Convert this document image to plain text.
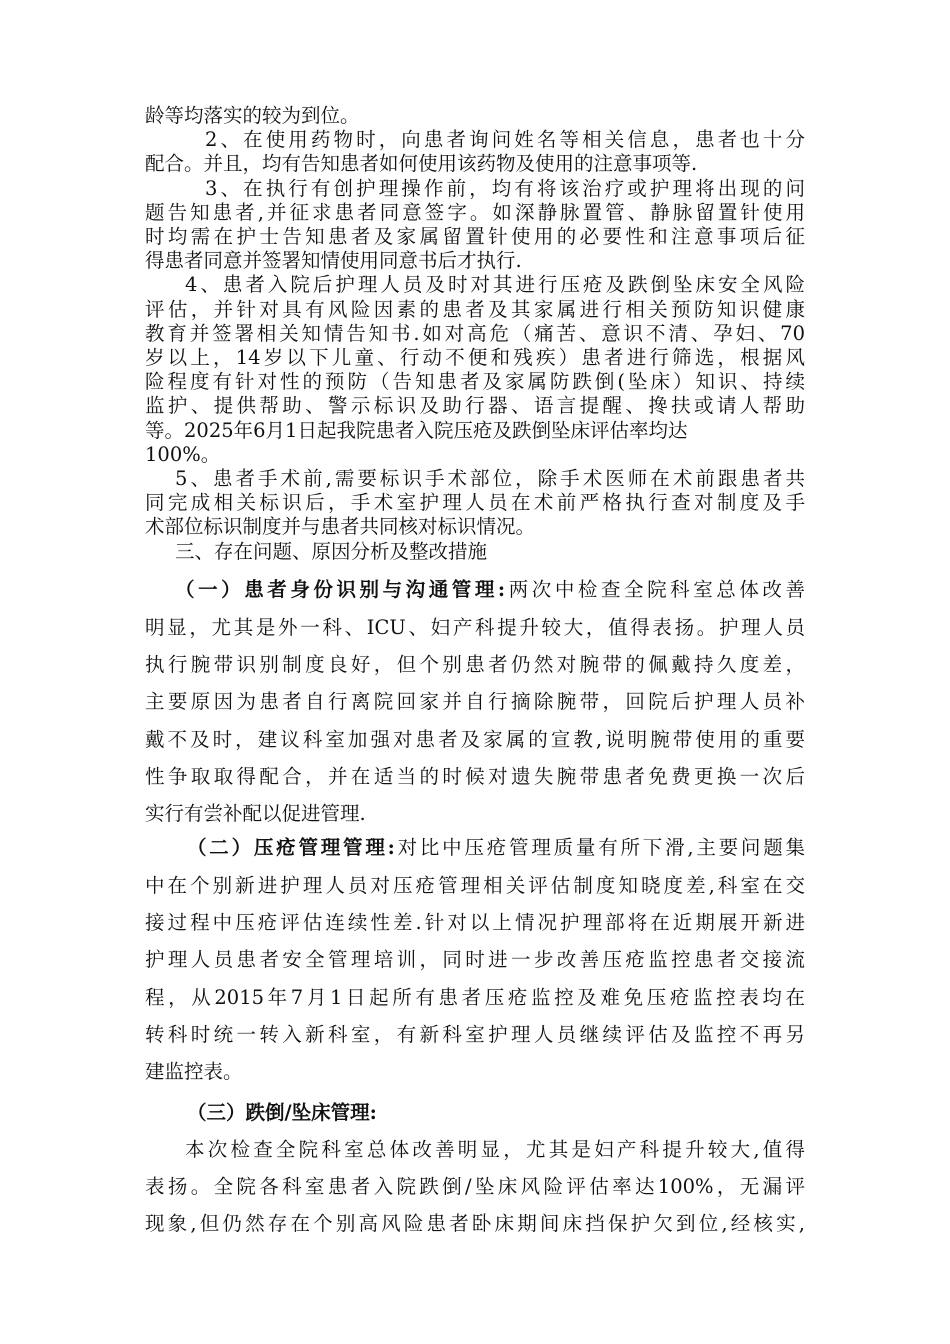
龄等均落实的较为到位。
2、在使用药物时，向患者询问姓名等相关信息，患者也十分
配合。并且，均有告知患者如何使用该药物及使用的注意事项等.
3、在执行有创护理操作前，均有将该治疗或护理将出现的问
题告知患者,并征求患者同意签字。如深静脉置管、静脉留置针使用
时均需在护士告知患者及家属留置针使用的必要性和注意事项后征
得患者同意并签署知情使用同意书后才执行.
4、患者入院后护理人员及时对其进行压疮及跌倒坠床安全风险
评估，并针对具有风险因素的患者及其家属进行相关预防知识健康
教育并签署相关知情告知书.如对高危（痛苦、意识不清、孕妇、70
岁以上，14岁以下儿童、行动不便和残疾）患者进行筛选，根据风
险程度有针对性的预防（告知患者及家属防跌倒(坠床）知识、持续
监护、提供帮助、警示标识及助行器、语言提醒、搀扶或请人帮助
等。2025年6月1日起我院患者入院压疮及跌倒坠床评估率均达
100%。
5、患者手术前,需要标识手术部位，除手术医师在术前跟患者共
同完成相关标识后，手术室护理人员在术前严格执行查对制度及手
术部位标识制度并与患者共同核对标识情况。
三、存在问题、原因分析及整改措施
（一）患者身份识别与沟通管理:两次中检查全院科室总体改善
明显，尤其是外一科、ICU、妇产科提升较大，值得表扬。护理人员
执行腕带识别制度良好，但个别患者仍然对腕带的佩戴持久度差，
主要原因为患者自行离院回家并自行摘除腕带，回院后护理人员补
戴不及时，建议科室加强对患者及家属的宣教,说明腕带使用的重要
性争取取得配合，并在适当的时候对遗失腕带患者免费更换一次后
实行有尝补配以促进管理.
（二）压疮管理管理:对比中压疮管理质量有所下滑,主要问题集
中在个别新进护理人员对压疮管理相关评估制度知晓度差,科室在交
接过程中压疮评估连续性差.针对以上情况护理部将在近期展开新进
护理人员患者安全管理培训，同时进一步改善压疮监控患者交接流
程，从2015年7月1日起所有患者压疮监控及难免压疮监控表均在
转科时统一转入新科室，有新科室护理人员继续评估及监控不再另
建监控表。
（三）跌倒/坠床管理:
本次检查全院科室总体改善明显，尤其是妇产科提升较大,值得
表扬。全院各科室患者入院跌倒/坠床风险评估率达100%，无漏评
现象,但仍然存在个别高风险患者卧床期间床挡保护欠到位,经核实,
